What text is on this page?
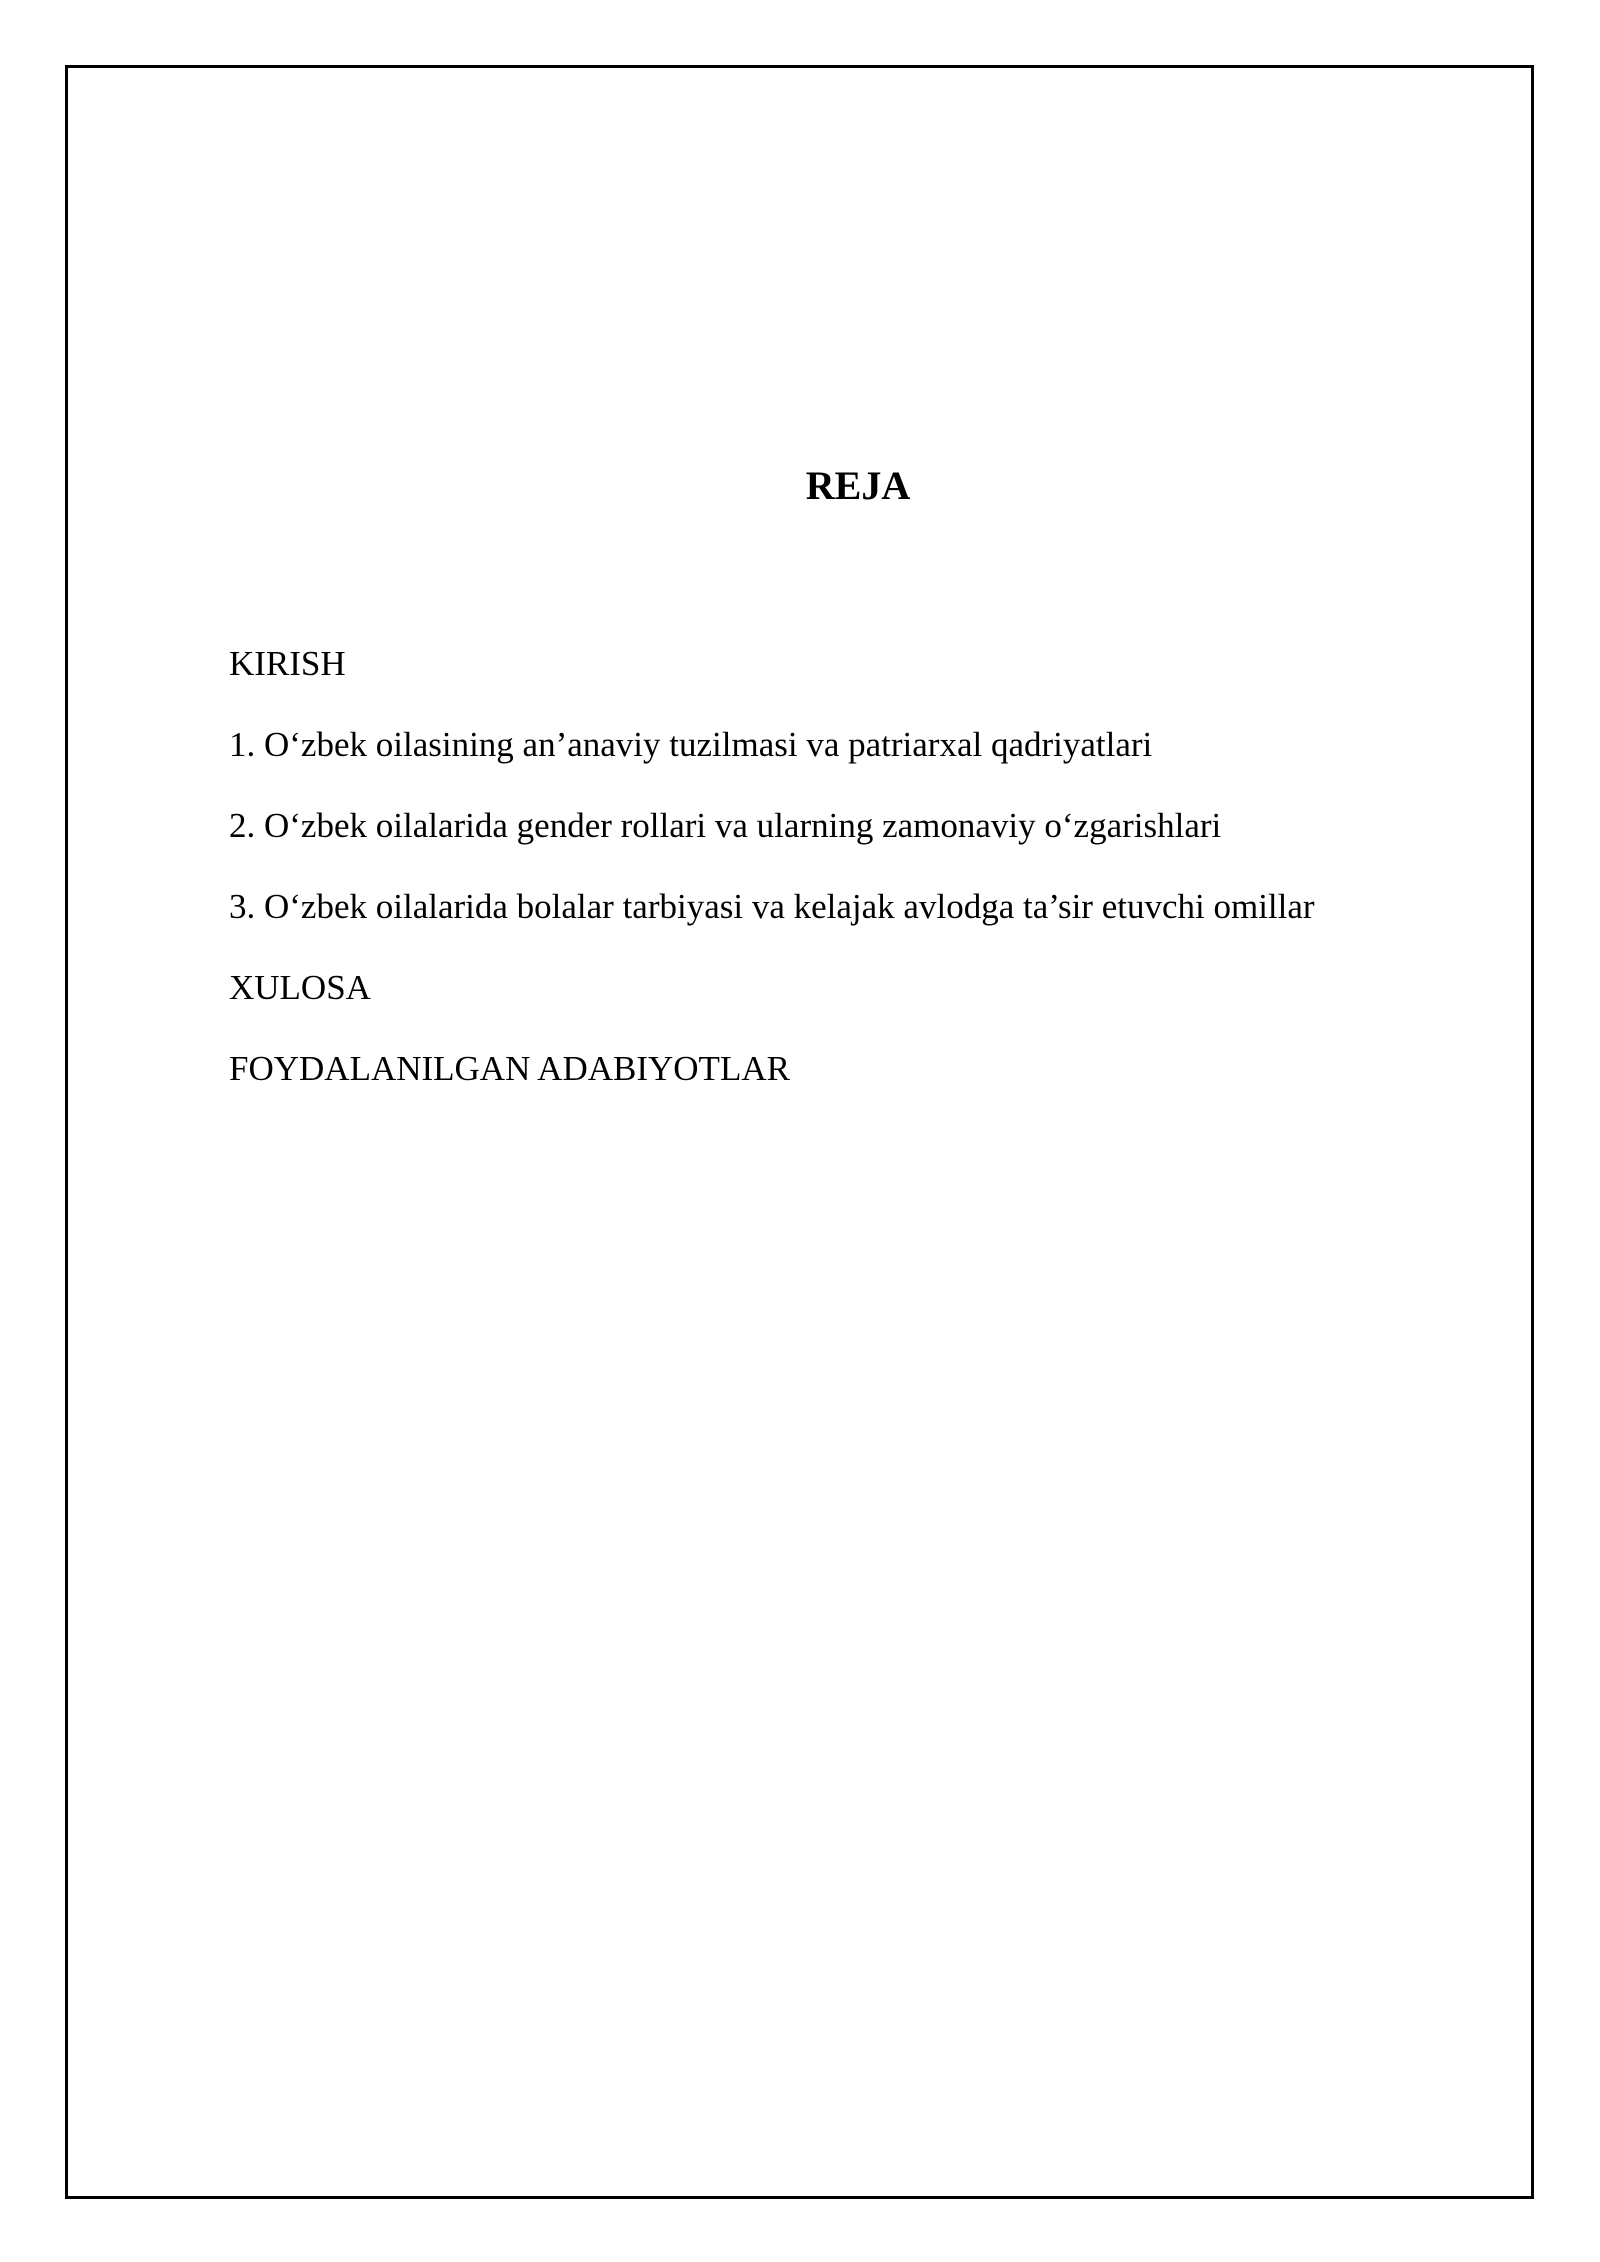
REJA
KIRISH
1. O‘zbek oilasining an’anaviy tuzilmasi va patriarxal qadriyatlari
2. O‘zbek oilalarida gender rollari va ularning zamonaviy o‘zgarishlari
3. O‘zbek oilalarida bolalar tarbiyasi va kelajak avlodga ta’sir etuvchi omillar
XULOSA
FOYDALANILGAN ADABIYOTLAR
